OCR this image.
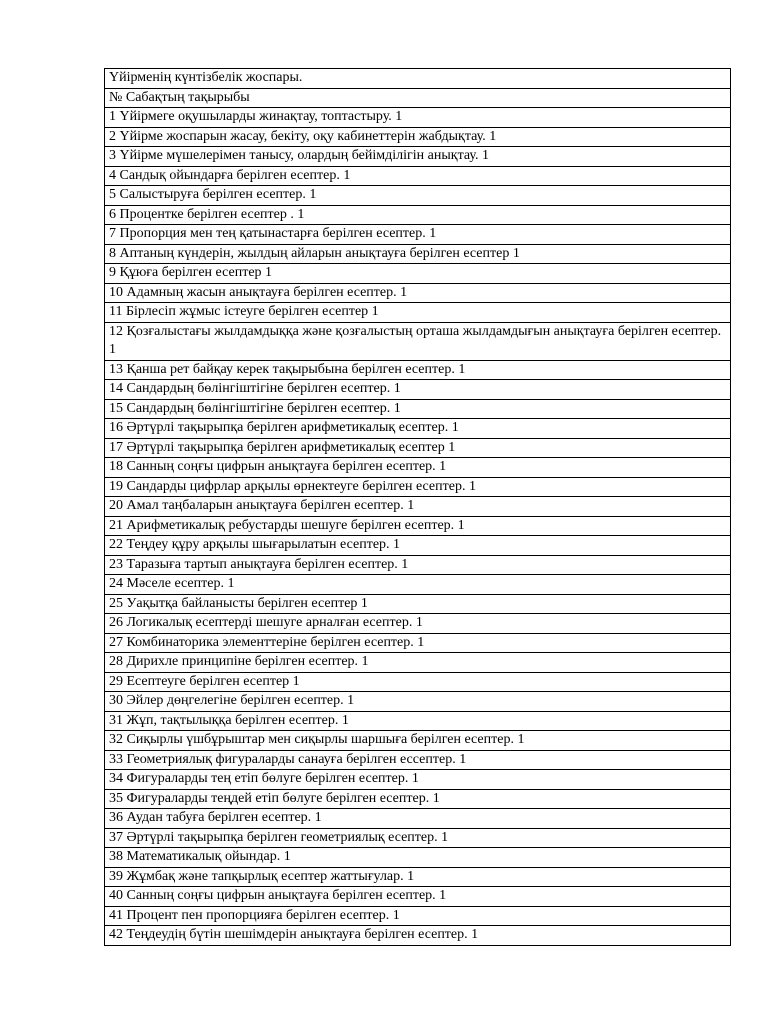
Үйірменің күнтізбелік жоспары.
№ Сабақтың тақырыбы
1 Үйірмеге оқушыларды жинақтау, топтастыру. 1
2 Үйірме жоспарын жасау, бекіту, оқу кабинеттерін жабдықтау. 1
3 Үйірме мүшелерімен танысу, олардың бейімділігін анықтау. 1
4 Сандық ойындарға берілген есептер. 1
5 Салыстыруға берілген есептер. 1
6 Процентке берілген есептер . 1
7 Пропорция мен тең қатынастарға берілген есептер. 1
8 Аптаның күндерін, жылдың айларын анықтауға берілген есептер 1
9 Құюға берілген есептер 1
10 Адамның жасын анықтауға берілген есептер. 1
11 Бірлесіп жұмыс істеуге берілген есептер 1
12 Қозғалыстағы жылдамдыққа және қозғалыстың орташа жылдамдығын анықтауға берілген есептер. 1
13 Қанша рет байқау керек тақырыбына берілген есептер. 1
14 Сандардың бөлінгіштігіне берілген есептер. 1
15 Сандардың бөлінгіштігіне берілген есептер. 1
16 Әртүрлі тақырыпқа берілген арифметикалық есептер. 1
17 Әртүрлі тақырыпқа берілген арифметикалық есептер 1
18 Санның соңғы цифрын анықтауға берілген есептер. 1
19 Сандарды цифрлар арқылы өрнектеуге берілген есептер. 1
20 Амал таңбаларын анықтауға берілген есептер. 1
21 Арифметикалық ребустарды шешуге берілген есептер. 1
22 Теңдеу құру арқылы шығарылатын есептер. 1
23 Таразыға тартып анықтауға берілген есептер. 1
24 Мәселе есептер. 1
25 Уақытқа байланысты берілген есептер 1
26 Логикалық есептерді шешуге арналған есептер. 1
27 Комбинаторика элементтеріне берілген есептер. 1
28 Дирихле принципіне берілген есептер. 1
29 Есептеуге берілген есептер 1
30 Эйлер дөңгелегіне берілген есептер. 1
31 Жұп, тақтылыққа берілген есептер. 1
32 Сиқырлы үшбұрыштар мен сиқырлы шаршыға берілген есептер. 1
33 Геометриялық фигураларды санауға берілген ессептер. 1
34 Фигураларды тең етіп бөлуге берілген есептер. 1
35 Фигураларды теңдей етіп бөлуге берілген есептер. 1
36 Аудан табуға берілген есептер. 1
37 Әртүрлі тақырыпқа берілген геометриялық есептер. 1
38 Математикалық ойындар. 1
39 Жұмбақ және тапқырлық есептер жаттығулар. 1
40 Санның соңғы цифрын анықтауға берілген есептер. 1
41 Процент пен пропорцияға берілген есептер. 1
42 Теңдеудің бүтін шешімдерін анықтауға берілген есептер. 1
